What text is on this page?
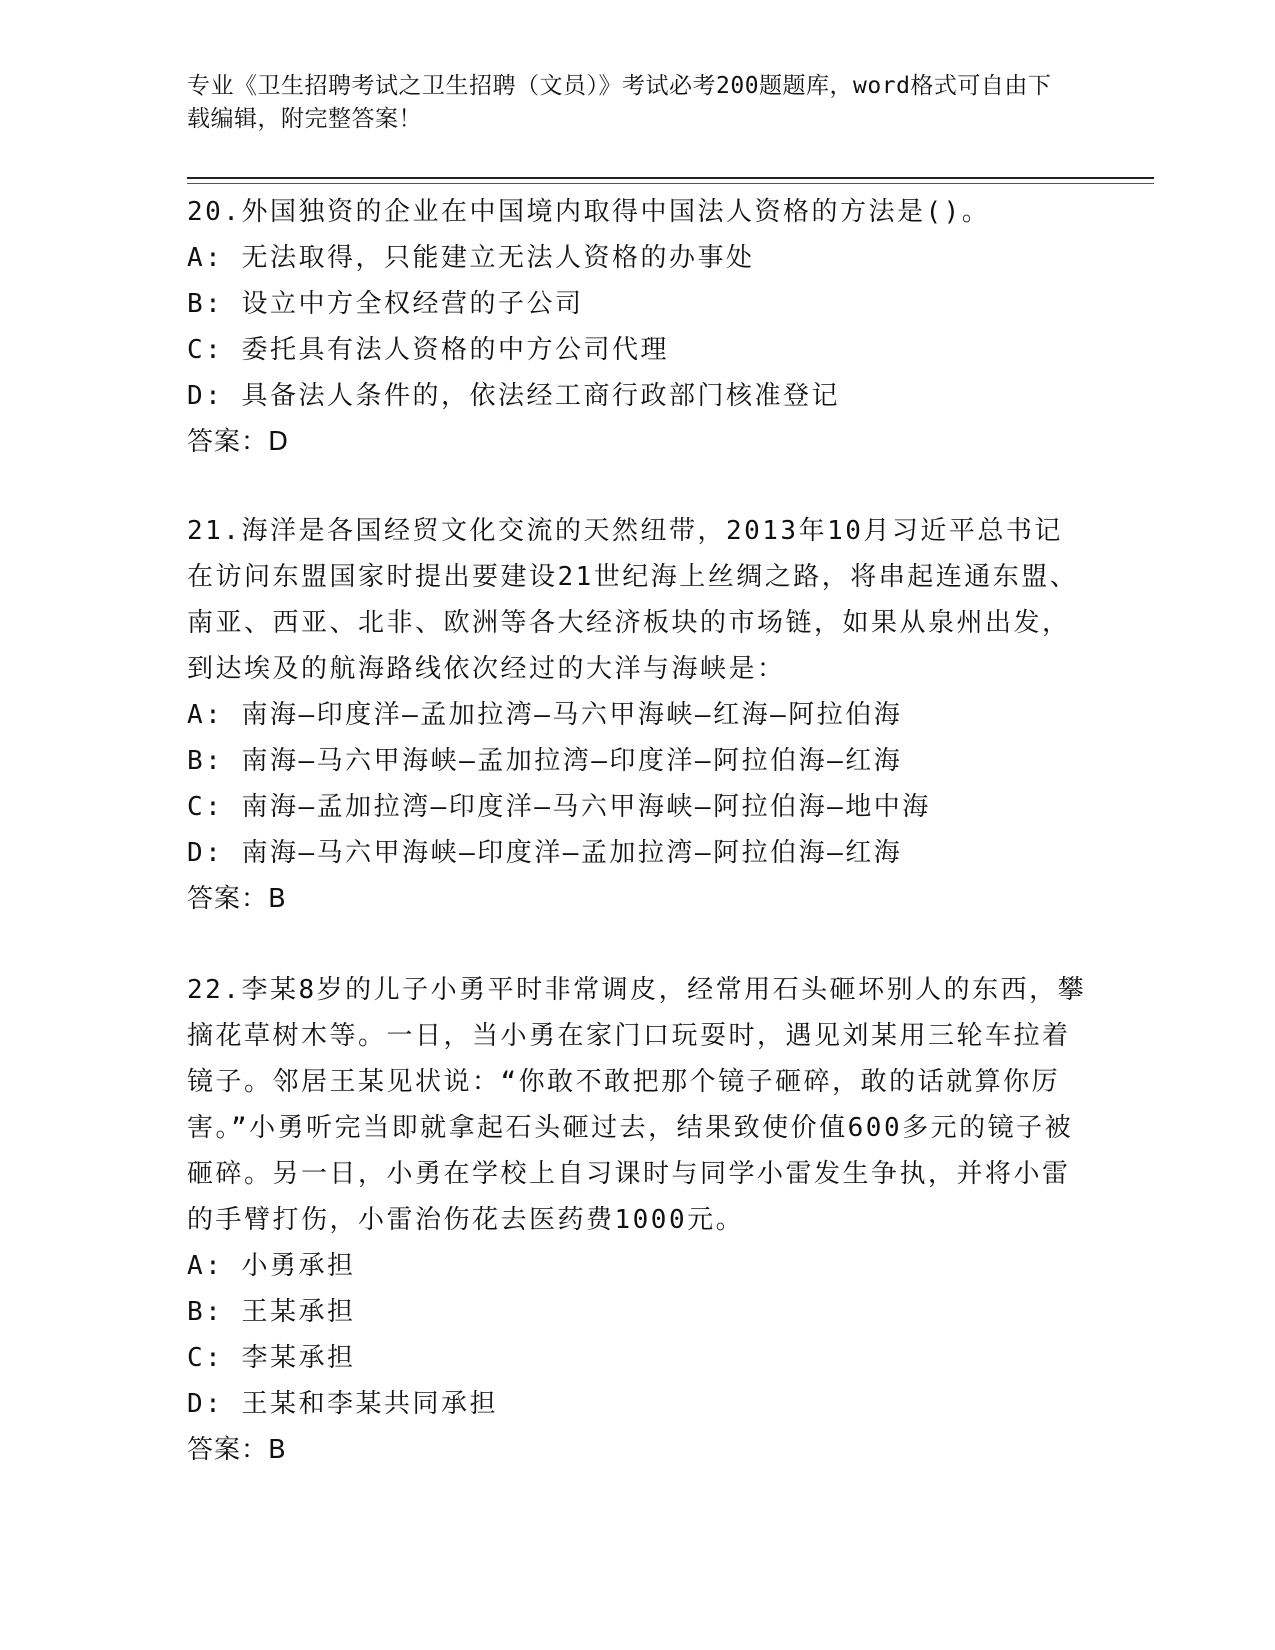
专业《卫生招聘考试之卫生招聘（文员）》考试必考200题题库，word格式可自由下载编辑，附完整答案！

20.外国独资的企业在中国境内取得中国法人资格的方法是()。

A: 无法取得，只能建立无法人资格的办事处

B: 设立中方全权经营的子公司

C: 委托具有法人资格的中方公司代理

D: 具备法人条件的，依法经工商行政部门核准登记

答案：D

21.海洋是各国经贸文化交流的天然纽带，2013年10月习近平总书记在访问东盟国家时提出要建设21世纪海上丝绸之路，将串起连通东盟、南亚、西亚、北非、欧洲等各大经济板块的市场链，如果从泉州出发，到达埃及的航海路线依次经过的大洋与海峡是：

A: 南海—印度洋—孟加拉湾—马六甲海峡—红海—阿拉伯海

B: 南海—马六甲海峡—孟加拉湾—印度洋—阿拉伯海—红海

C: 南海—孟加拉湾—印度洋—马六甲海峡—阿拉伯海—地中海

D: 南海—马六甲海峡—印度洋—孟加拉湾—阿拉伯海—红海

答案：B

22.李某8岁的儿子小勇平时非常调皮，经常用石头砸坏别人的东西，攀摘花草树木等。一日，当小勇在家门口玩耍时，遇见刘某用三轮车拉着镜子。邻居王某见状说：“你敢不敢把那个镜子砸碎，敢的话就算你厉害。”小勇听完当即就拿起石头砸过去，结果致使价值600多元的镜子被砸碎。另一日，小勇在学校上自习课时与同学小雷发生争执，并将小雷的手臂打伤，小雷治伤花去医药费1000元。

A: 小勇承担

B: 王某承担

C: 李某承担

D: 王某和李某共同承担

答案：B
